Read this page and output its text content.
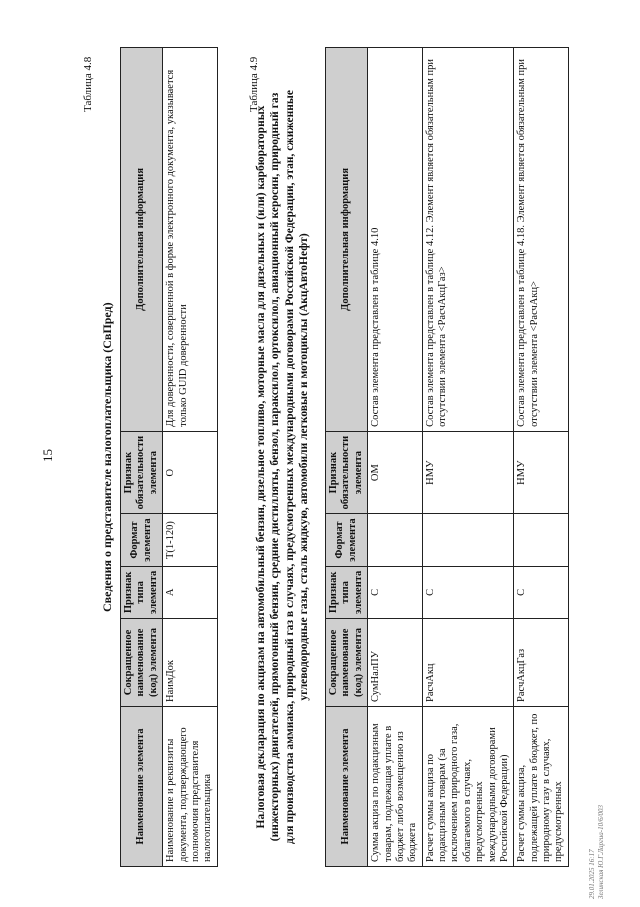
15
Таблица 4.8
Сведения о представителе налогоплательщика (СвПред)
Наименование элемента	Сокращенное наименование (код) элемента	Признак типа элемента	Формат элемента	Признак обязательности элемента	Дополнительная информация
Наименование и реквизиты документа, подтверждающего полномочия представителя налогоплательщика	НаимДок	А	Т(1-120)	О	Для доверенности, совершенной в форме электронного документа, указывается только GUID доверенности
Таблица 4.9
Налоговая декларация по акцизам на автомобильный бензин, дизельное топливо, моторные масла для дизельных и (или) карбюраторных (инжекторных) двигателей, прямогонный бензин, средние дистилляты, бензол, параксилол, ортоксилол, авиационный керосин, природный газ для производства аммиака, природный газ в случаях, предусмотренных международными договорами Российской Федерации, этан, сжиженные углеводородные газы, сталь жидкую, автомобили легковые и мотоциклы (АкцАвтоНефт)
Наименование элемента	Сокращенное наименование (код) элемента	Признак типа элемента	Формат элемента	Признак обязательности элемента	Дополнительная информация
Сумма акциза по подакцизным товарам, подлежащая уплате в бюджет либо возмещению из бюджета	СумНалПУ	С		ОМ	Состав элемента представлен в таблице 4.10
Расчет суммы акциза по подакцизным товарам (за исключением природного газа, облагаемого в случаях, предусмотренных международными договорами Российской Федерации)	РасчАкц	С		НМУ	Состав элемента представлен в таблице 4.12. Элемент является обязательным при отсутствии элемента <РасчАкцГаз>
Расчет суммы акциза, подлежащей уплате в бюджет, по природному газу в случаях, предусмотренных	РасчАкцГаз	С		НМУ	Состав элемента представлен в таблице 4.18. Элемент является обязательным при отсутствии элемента <РасчАкц>
29.01.2025 16:17 Зелинская Ю.Г.Ларгиа-10/6/003
